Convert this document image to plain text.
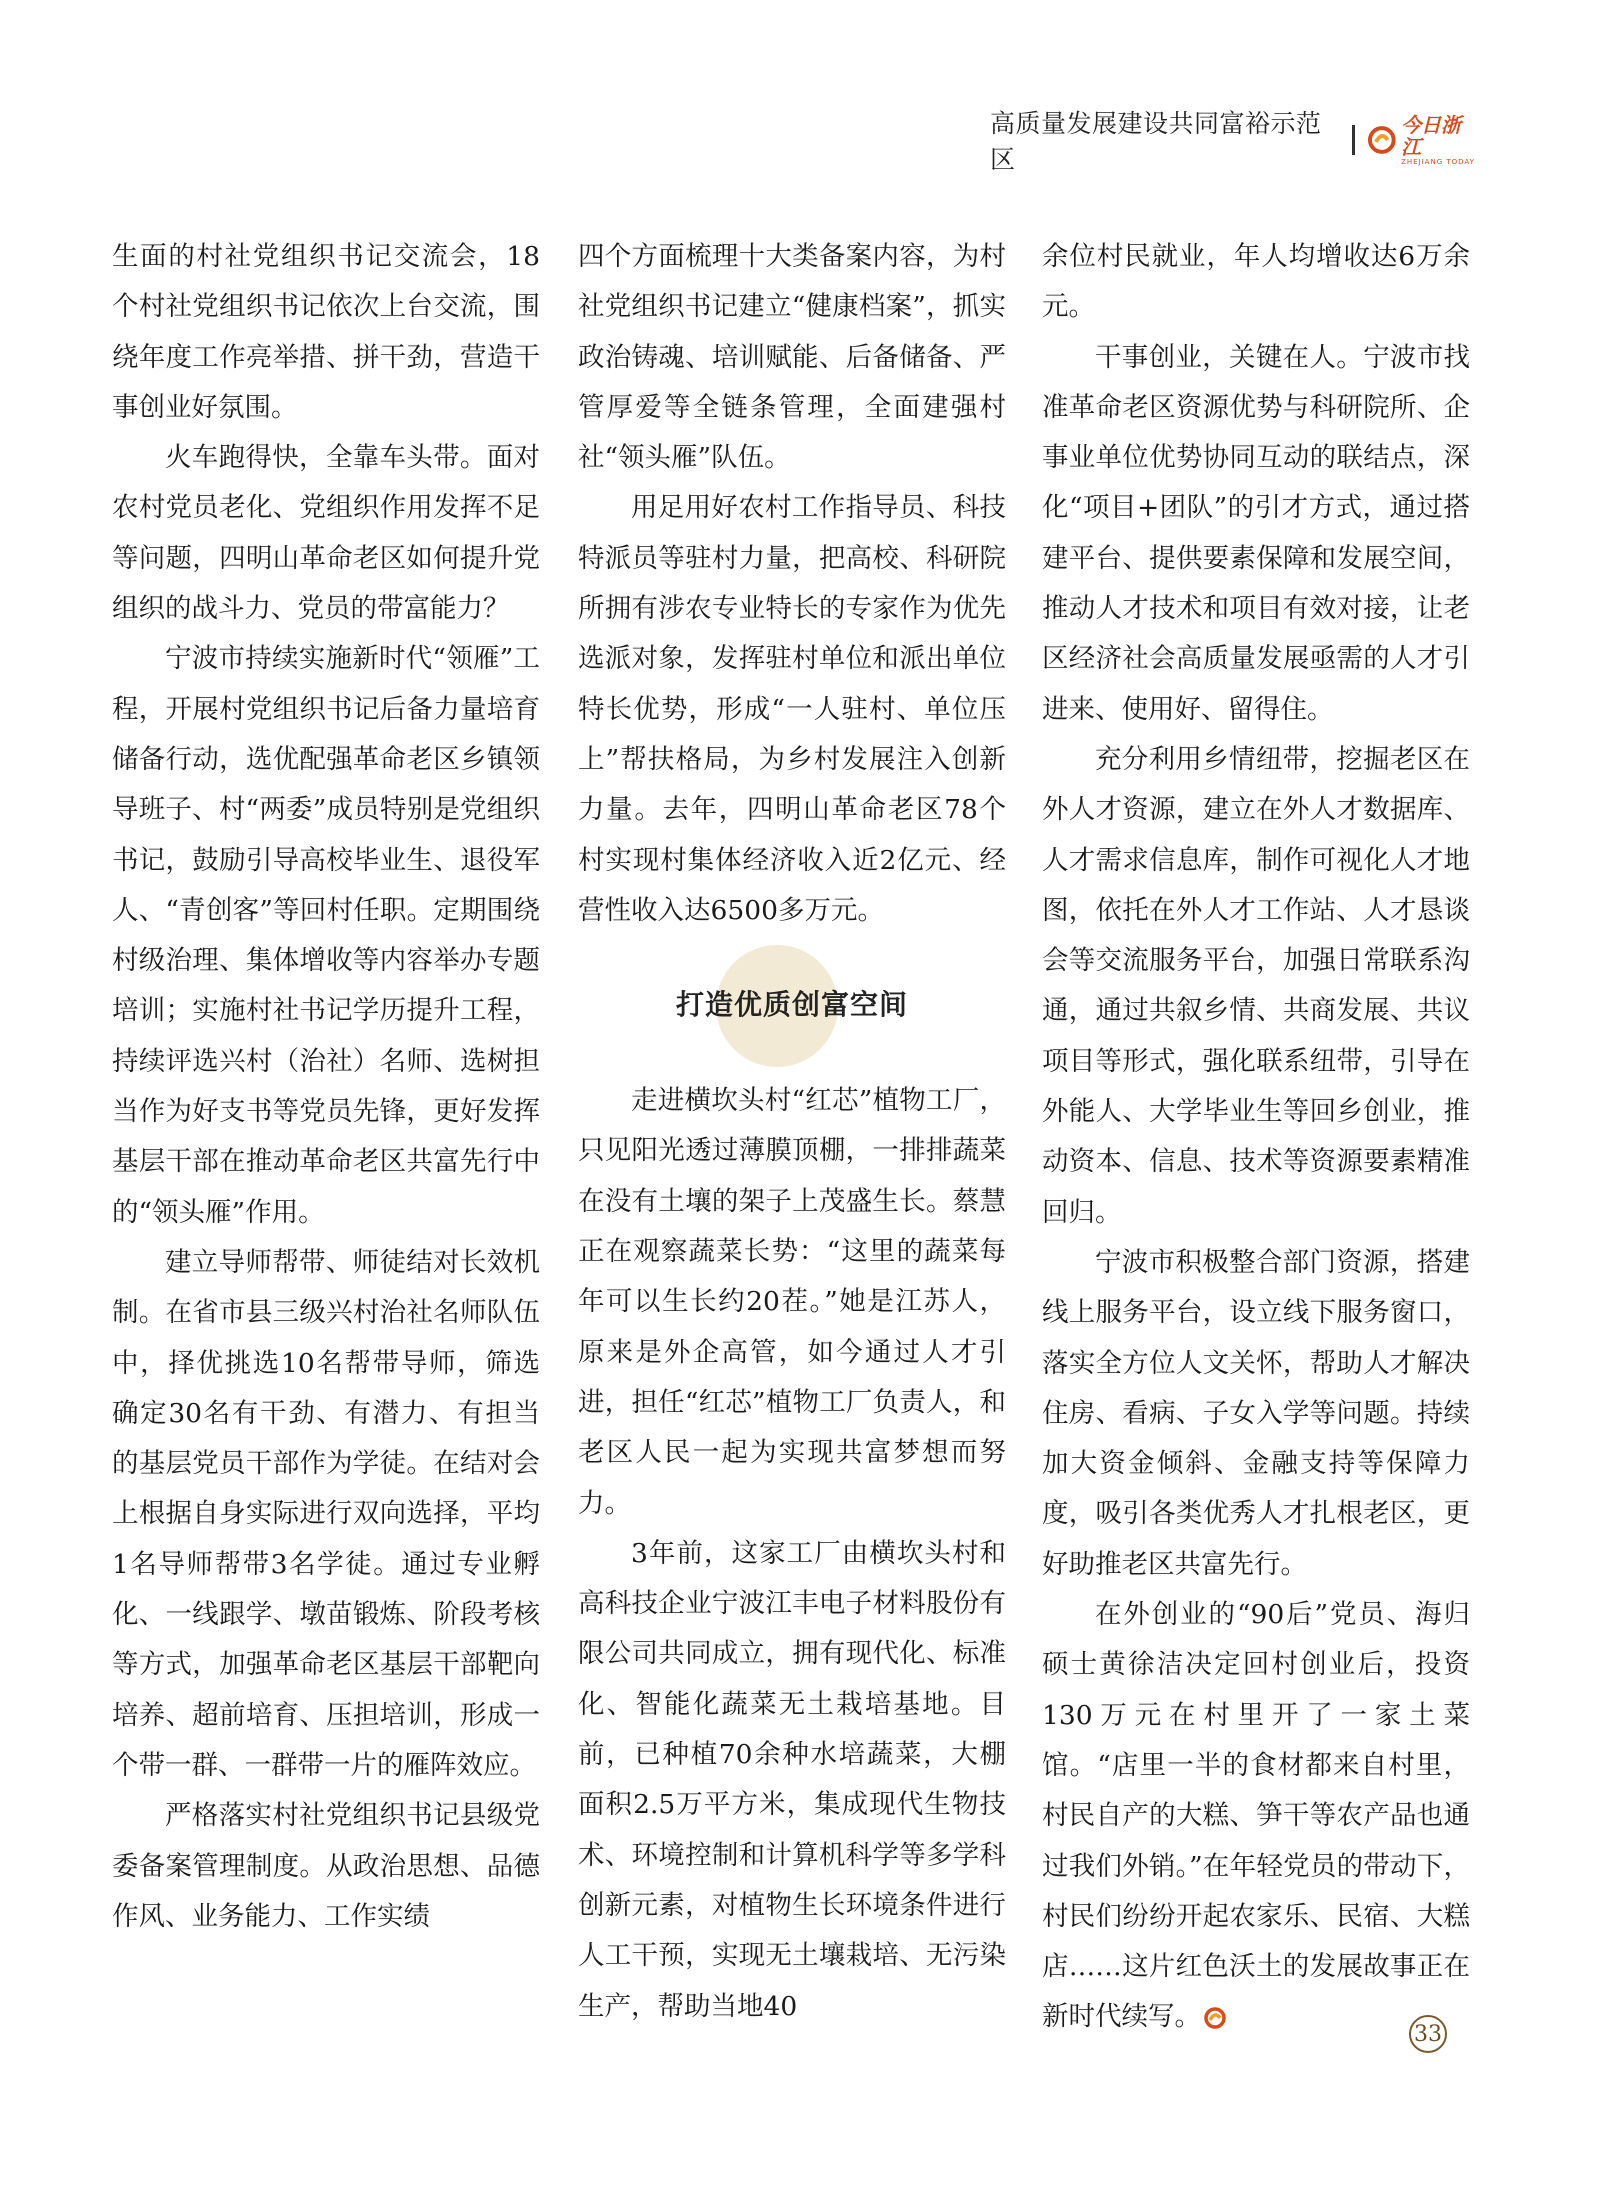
高质量发展建设共同富裕示范区
今日浙江
ZHEJIANG TODAY

生面的村社党组织书记交流会，18个村社党组织书记依次上台交流，围绕年度工作亮举措、拼干劲，营造干事创业好氛围。

火车跑得快，全靠车头带。面对农村党员老化、党组织作用发挥不足等问题，四明山革命老区如何提升党组织的战斗力、党员的带富能力？

宁波市持续实施新时代“领雁”工程，开展村党组织书记后备力量培育储备行动，选优配强革命老区乡镇领导班子、村“两委”成员特别是党组织书记，鼓励引导高校毕业生、退役军人、“青创客”等回村任职。定期围绕村级治理、集体增收等内容举办专题培训；实施村社书记学历提升工程，持续评选兴村（治社）名师、选树担当作为好支书等党员先锋，更好发挥基层干部在推动革命老区共富先行中的“领头雁”作用。

建立导师帮带、师徒结对长效机制。在省市县三级兴村治社名师队伍中，择优挑选10名帮带导师，筛选确定30名有干劲、有潜力、有担当的基层党员干部作为学徒。在结对会上根据自身实际进行双向选择，平均1名导师帮带3名学徒。通过专业孵化、一线跟学、墩苗锻炼、阶段考核等方式，加强革命老区基层干部靶向培养、超前培育、压担培训，形成一个带一群、一群带一片的雁阵效应。

严格落实村社党组织书记县级党委备案管理制度。从政治思想、品德作风、业务能力、工作实绩

四个方面梳理十大类备案内容，为村社党组织书记建立“健康档案”，抓实政治铸魂、培训赋能、后备储备、严管厚爱等全链条管理，全面建强村社“领头雁”队伍。

用足用好农村工作指导员、科技特派员等驻村力量，把高校、科研院所拥有涉农专业特长的专家作为优先选派对象，发挥驻村单位和派出单位特长优势，形成“一人驻村、单位压上”帮扶格局，为乡村发展注入创新力量。去年，四明山革命老区78个村实现村集体经济收入近2亿元、经营性收入达6500多万元。

打造优质创富空间

走进横坎头村“红芯”植物工厂，只见阳光透过薄膜顶棚，一排排蔬菜在没有土壤的架子上茂盛生长。蔡慧正在观察蔬菜长势：“这里的蔬菜每年可以生长约20茬。”她是江苏人，原来是外企高管，如今通过人才引进，担任“红芯”植物工厂负责人，和老区人民一起为实现共富梦想而努力。

3年前，这家工厂由横坎头村和高科技企业宁波江丰电子材料股份有限公司共同成立，拥有现代化、标准化、智能化蔬菜无土栽培基地。目前，已种植70余种水培蔬菜，大棚面积2.5万平方米，集成现代生物技术、环境控制和计算机科学等多学科创新元素，对植物生长环境条件进行人工干预，实现无土壤栽培、无污染生产，帮助当地40

余位村民就业，年人均增收达6万余元。

干事创业，关键在人。宁波市找准革命老区资源优势与科研院所、企事业单位优势协同互动的联结点，深化“项目+团队”的引才方式，通过搭建平台、提供要素保障和发展空间，推动人才技术和项目有效对接，让老区经济社会高质量发展亟需的人才引进来、使用好、留得住。

充分利用乡情纽带，挖掘老区在外人才资源，建立在外人才数据库、人才需求信息库，制作可视化人才地图，依托在外人才工作站、人才恳谈会等交流服务平台，加强日常联系沟通，通过共叙乡情、共商发展、共议项目等形式，强化联系纽带，引导在外能人、大学毕业生等回乡创业，推动资本、信息、技术等资源要素精准回归。

宁波市积极整合部门资源，搭建线上服务平台，设立线下服务窗口，落实全方位人文关怀，帮助人才解决住房、看病、子女入学等问题。持续加大资金倾斜、金融支持等保障力度，吸引各类优秀人才扎根老区，更好助推老区共富先行。

在外创业的“90后”党员、海归硕士黄徐洁决定回村创业后，投资130万元在村里开了一家土菜馆。“店里一半的食材都来自村里，村民自产的大糕、笋干等农产品也通过我们外销。”在年轻党员的带动下，村民们纷纷开起农家乐、民宿、大糕店……这片红色沃土的发展故事正在新时代续写。

33
